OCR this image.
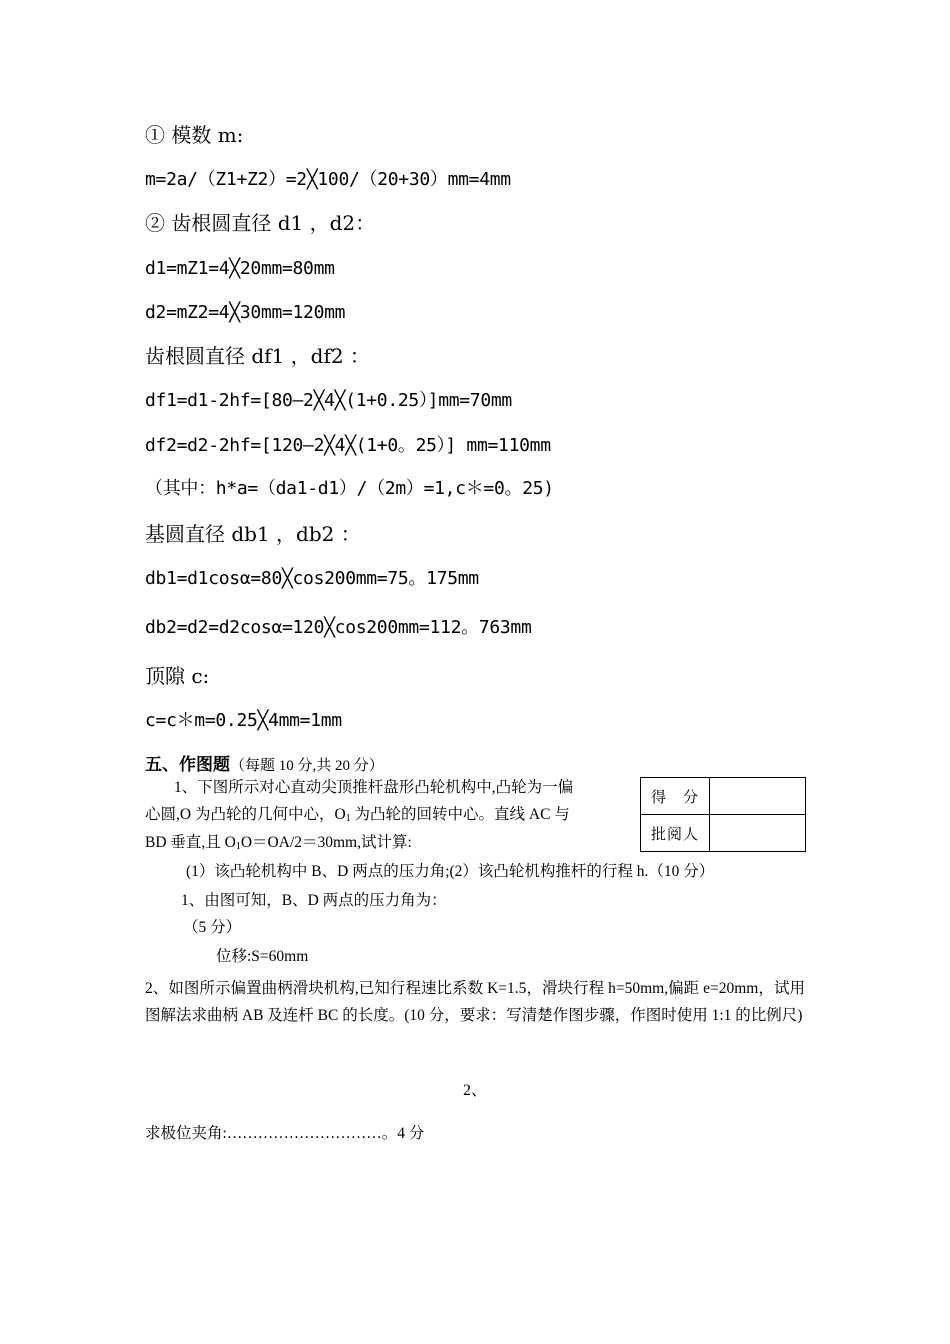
① 模数 m:
m=2a/（Z1+Z2）=2╳100/（20+30）mm=4mm
② 齿根圆直径 d1 ，d2：
d1=mZ1=4╳20mm=80mm
d2=mZ2=4╳30mm=120mm
齿根圆直径 df1 ，df2 ：
df1=d1-2hf=[80—2╳4╳(1+0.25）]mm=70mm
df2=d2-2hf=[120—2╳4╳(1+0。25）] mm=110mm
（其中：h*a=（da1-d1）/（2m）=1,c＊=0。25)
基圆直径 db1 ，db2 ：
db1=d1cosα=80╳cos200mm=75。175mm
db2=d2=d2cosα=120╳cos200mm=112。763mm
顶隙 c:
c=c＊m=0.25╳4mm=1mm
五、作图题（每题 10 分,共 20 分）
得　分	
批阅人	
1、下图所示对心直动尖顶推杆盘形凸轮机构中,凸轮为一偏
心圆,O 为凸轮的几何中心，$O_1$ 为凸轮的回转中心。直线 AC 与
BD 垂直,且 $O_1O=OA/2=30mm$,试计算:
(1）该凸轮机构中 B、D 两点的压力角;(2）该凸轮机构推杆的行程 h.（10 分）
1、由图可知，B、D 两点的压力角为：
（5 分）
位移:S=60mm
2、如图所示偏置曲柄滑块机构,已知行程速比系数 K=1.5，滑块行程 h=50mm,偏距 e=20mm，试用图解法求曲柄 AB 及连杆 BC 的长度。(10 分，要求：写清楚作图步骤，作图时使用 1:1 的比例尺)
2、
求极位夹角:…………………………。4 分
